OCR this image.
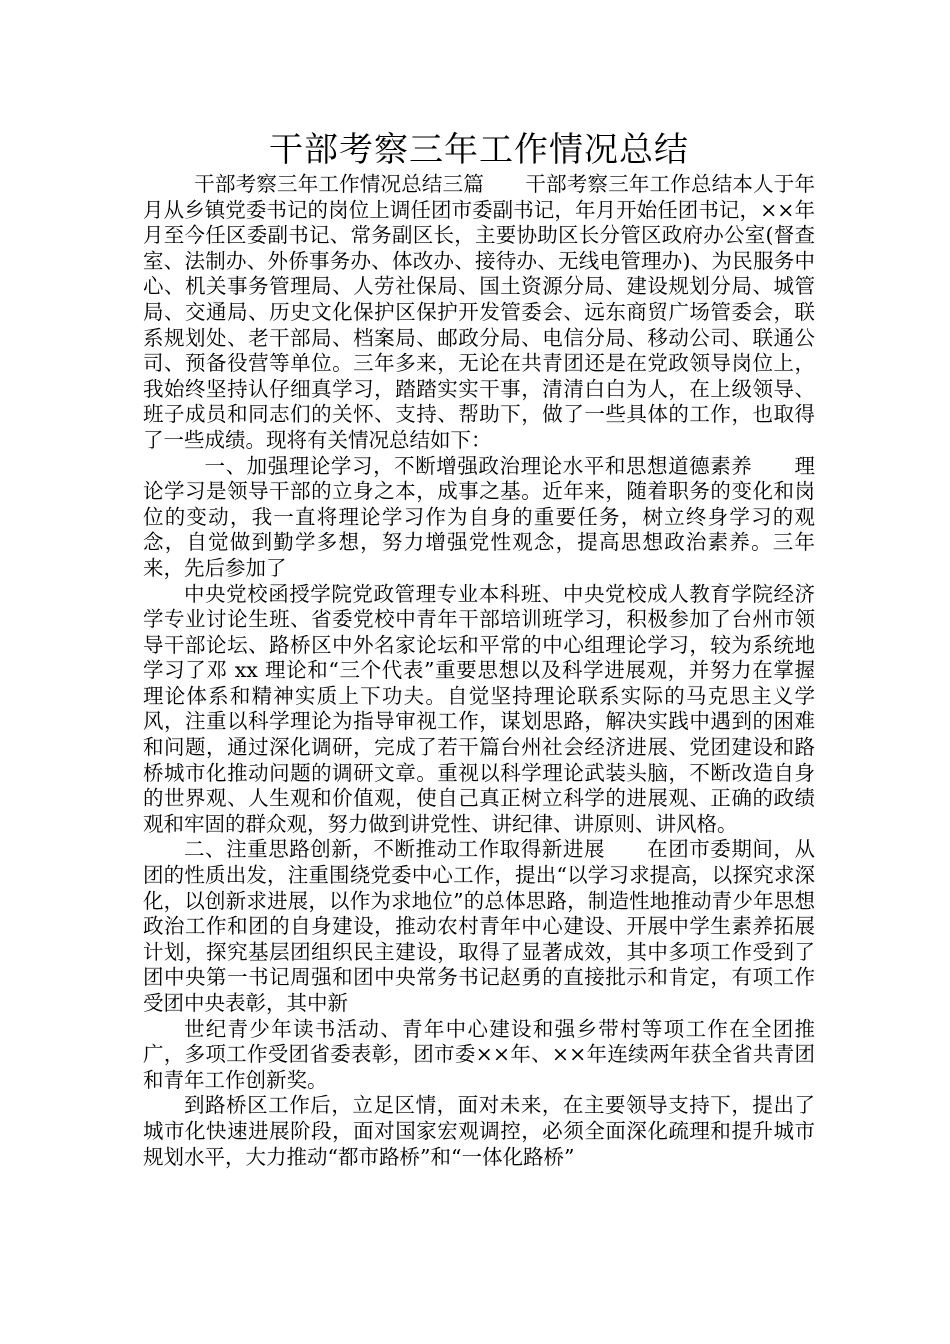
干部考察三年工作情况总结

干部考察三年工作情况总结三篇　　干部考察三年工作总结本人于年月从乡镇党委书记的岗位上调任团市委副书记，年月开始任团书记，××年月至今任区委副书记、常务副区长，主要协助区长分管区政府办公室(督查室、法制办、外侨事务办、体改办、接待办、无线电管理办)、为民服务中心、机关事务管理局、人劳社保局、国土资源分局、建设规划分局、城管局、交通局、历史文化保护区保护开发管委会、远东商贸广场管委会，联系规划处、老干部局、档案局、邮政分局、电信分局、移动公司、联通公司、预备役营等单位。三年多来，无论在共青团还是在党政领导岗位上，我始终坚持认仔细真学习，踏踏实实干事，清清白白为人，在上级领导、班子成员和同志们的关怀、支持、帮助下，做了一些具体的工作，也取得了一些成绩。现将有关情况总结如下：

一、加强理论学习，不断增强政治理论水平和思想道德素养　　理论学习是领导干部的立身之本，成事之基。近年来，随着职务的变化和岗位的变动，我一直将理论学习作为自身的重要任务，树立终身学习的观念，自觉做到勤学多想，努力增强党性观念，提高思想政治素养。三年来，先后参加了

中央党校函授学院党政管理专业本科班、中央党校成人教育学院经济学专业讨论生班、省委党校中青年干部培训班学习，积极参加了台州市领导干部论坛、路桥区中外名家论坛和平常的中心组理论学习，较为系统地学习了邓 xx 理论和“三个代表”重要思想以及科学进展观，并努力在掌握理论体系和精神实质上下功夫。自觉坚持理论联系实际的马克思主义学风，注重以科学理论为指导审视工作，谋划思路，解决实践中遇到的困难和问题，通过深化调研，完成了若干篇台州社会经济进展、党团建设和路桥城市化推动问题的调研文章。重视以科学理论武装头脑，不断改造自身的世界观、人生观和价值观，使自己真正树立科学的进展观、正确的政绩观和牢固的群众观，努力做到讲党性、讲纪律、讲原则、讲风格。

二、注重思路创新，不断推动工作取得新进展　　在团市委期间，从团的性质出发，注重围绕党委中心工作，提出“以学习求提高，以探究求深化，以创新求进展，以作为求地位”的总体思路，制造性地推动青少年思想政治工作和团的自身建设，推动农村青年中心建设、开展中学生素养拓展计划，探究基层团组织民主建设，取得了显著成效，其中多项工作受到了团中央第一书记周强和团中央常务书记赵勇的直接批示和肯定，有项工作受团中央表彰，其中新

世纪青少年读书活动、青年中心建设和强乡带村等项工作在全团推广，多项工作受团省委表彰，团市委××年、××年连续两年获全省共青团和青年工作创新奖。

到路桥区工作后，立足区情，面对未来，在主要领导支持下，提出了城市化快速进展阶段，面对国家宏观调控，必须全面深化疏理和提升城市规划水平，大力推动“都市路桥”和“一体化路桥”
